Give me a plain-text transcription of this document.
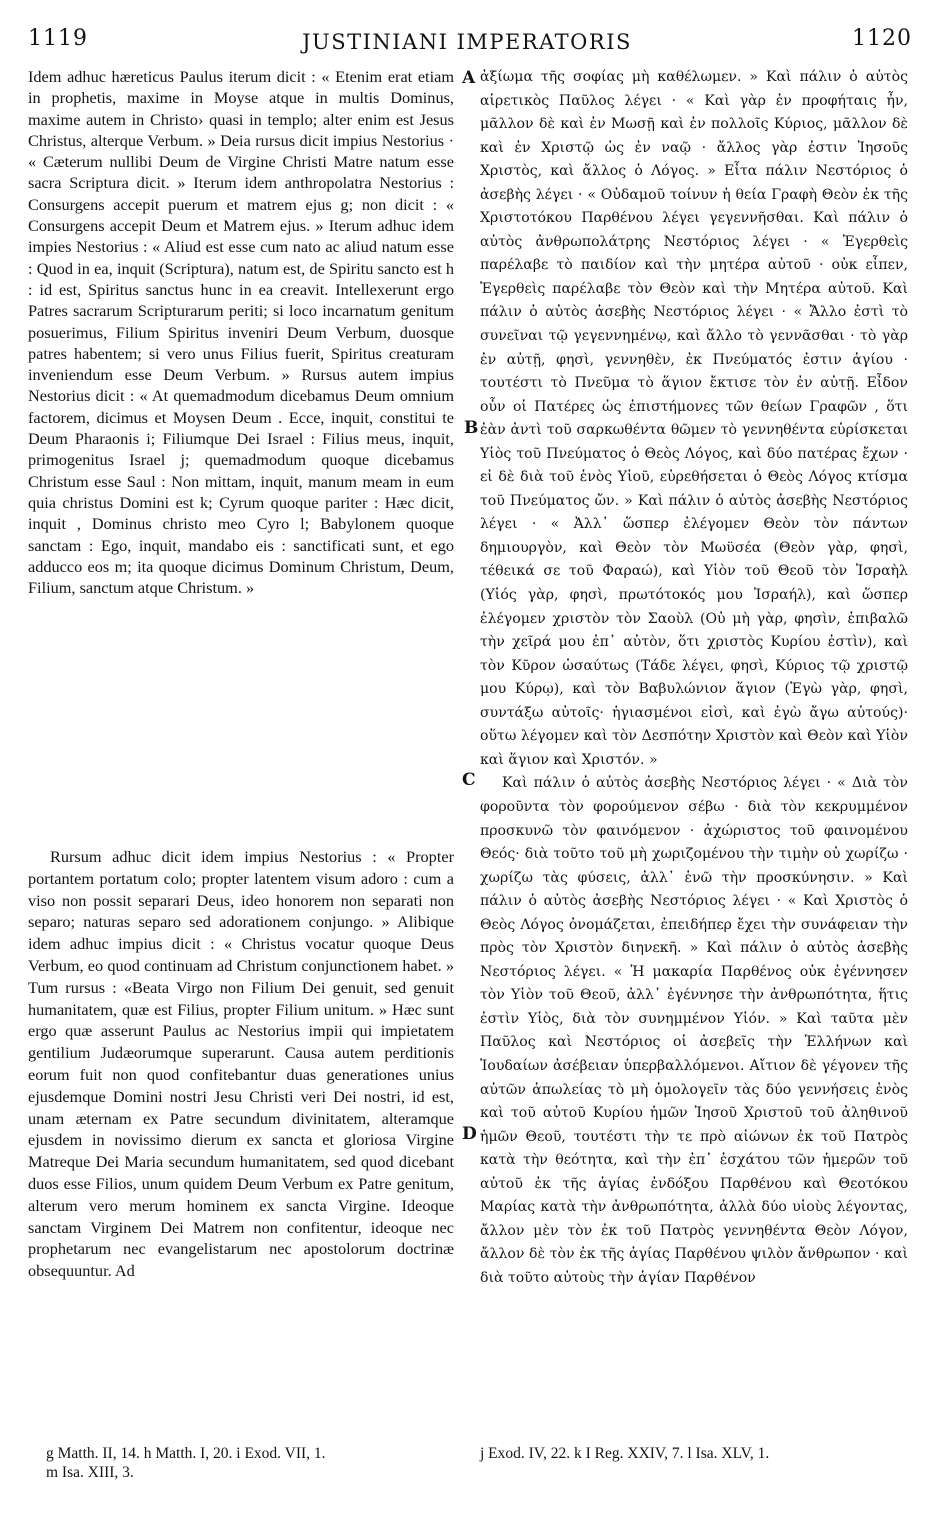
1119	JUSTINIANI IMPERATORIS	1120

Idem adhuc hæreticus Paulus iterum dicit : « Etenim erat etiam in prophetis, maxime in Moyse atque in multis Dominus, maxime autem in Christo› quasi in templo; alter enim est Jesus Christus, alterque Verbum. » Deia rursus dicit impius Nestorius · « Cæterum nullibi Deum de Virgine Christi Matre natum esse sacra Scriptura dicit. » Iterum idem anthropolatra Nestorius : Consurgens accepit puerum et matrem ejus g; non dicit : « Consurgens accepit Deum et Matrem ejus. » Iterum adhuc idem impies Nestorius : « Aliud est esse cum nato ac aliud natum esse : Quod in ea, inquit (Scriptura), natum est, de Spiritu sancto est h : id est, Spiritus sanctus hunc in ea creavit. Intellexerunt ergo Patres sacrarum Scripturarum periti; si loco incarnatum genitum posuerimus, Filium Spiritus inveniri Deum Verbum, duosque patres habentem; si vero unus Filius fuerit, Spiritus creaturam inveniendum esse Deum Verbum. » Rursus autem impius Nestorius dicit : « At quemadmodum dicebamus Deum omnium factorem, dicimus et Moysen Deum . Ecce, inquit, constitui te Deum Pharaonis i; Filiumque Dei Israel : Filius meus, inquit, primogenitus Israel j; quemadmodum quoque dicebamus Christum esse Saul : Non mittam, inquit, manum meam in eum quia christus Domini est k; Cyrum quoque pariter : Hæc dicit, inquit , Dominus christo meo Cyro l; Babylonem quoque sanctam : Ego, inquit, mandabo eis : sanctificati sunt, et ego adducco eos m; ita quoque dicimus Dominum Christum, Deum, Filium, sanctum atque Christum. »

Rursum adhuc dicit idem impius Nestorius : « Propter portantem portatum colo; propter latentem visum adoro : cum a viso non possit separari Deus, ideo honorem non separati non separo; naturas separo sed adorationem conjungo. » Alibique idem adhuc impius dicit : « Christus vocatur quoque Deus Verbum, eo quod continuam ad Christum conjunctionem habet. » Tum rursus : «Beata Virgo non Filium Dei genuit, sed genuit humanitatem, quæ est Filius, propter Filium unitum. » Hæc sunt ergo quæ asserunt Paulus ac Nestorius impii qui impietatem gentilium Judæorumque superarunt. Causa autem perditionis eorum fuit non quod confitebantur duas generationes unius ejusdemque Domini nostri Jesu Christi veri Dei nostri, id est, unam æternam ex Patre secundum divinitatem, alteramque ejusdem in novissimo dierum ex sancta et gloriosa Virgine Matreque Dei Maria secundum humanitatem, sed quod dicebant duos esse Filios, unum quidem Deum Verbum ex Patre genitum, alterum vero merum hominem ex sancta Virgine. Ideoque sanctam Virginem Dei Matrem non confitentur, ideoque nec prophetarum nec evangelistarum nec apostolorum doctrinæ obsequuntur. Ad

ἀξίωμα τῆς σοφίας μὴ καθέλωμεν. » Καὶ πάλιν ὁ αὐτὸς αἱρετικὸς Παῦλος λέγει · « Καὶ γὰρ ἐν προφήταις ἦν, μᾶλλον δὲ καὶ ἐν Μωσῇ καὶ ἐν πολλοῖς Κύριος, μᾶλλον δὲ καὶ ἐν Χριστῷ ὡς ἐν ναῷ · ἄλλος γὰρ ἐστιν Ἰησοῦς Χριστὸς, καὶ ἄλλος ὁ Λόγος. » Εἶτα πάλιν Νεστόριος ὁ ἀσεβὴς λέγει · « Οὐδαμοῦ τοίνυν ἡ θεία Γραφὴ Θεὸν ἐκ τῆς Χριστοτόκου Παρθένου λέγει γεγεννῆσθαι. Καὶ πάλιν ὁ αὐτὸς ἀνθρωπολάτρης Νεστόριος λέγει · « Ἐγερθεὶς παρέλαβε τὸ παιδίον καὶ τὴν μητέρα αὐτοῦ · οὐκ εἶπεν, Ἐγερθεὶς παρέλαβε τὸν Θεὸν καὶ τὴν Μητέρα αὐτοῦ. Καὶ πάλιν ὁ αὐτὸς ἀσεβὴς Νεστόριος λέγει · « Ἄλλο ἐστὶ τὸ συνεῖναι τῷ γεγεννημένῳ, καὶ ἄλλο τὸ γεννᾶσθαι · τὸ γὰρ ἐν αὐτῇ, φησὶ, γεννηθὲν, ἐκ Πνεύματός ἐστιν ἁγίου · τουτέστι τὸ Πνεῦμα τὸ ἅγιον ἔκτισε τὸν ἐν αὐτῇ. Εἶδον οὖν οἱ Πατέρες ὡς ἐπιστήμονες τῶν θείων Γραφῶν , ὅτι ἐὰν ἀντὶ τοῦ σαρκωθέντα θῶμεν τὸ γεννηθέντα εὑρίσκεται Υἱὸς τοῦ Πνεύματος ὁ Θεὸς Λόγος, καὶ δύο πατέρας ἔχων · εἰ δὲ διὰ τοῦ ἑνὸς Υἱοῦ, εὑρεθήσεται ὁ Θεὸς Λόγος κτίσμα τοῦ Πνεύματος ὤν. » Καὶ πάλιν ὁ αὐτὸς ἀσεβὴς Νεστόριος λέγει · « Ἀλλ᾿ ὥσπερ ἐλέγομεν Θεὸν τὸν πάντων δημιουργὸν, καὶ Θεὸν τὸν Μωϋσέα (Θεὸν γὰρ, φησὶ, τέθεικά σε τοῦ Φαραώ), καὶ Υἱὸν τοῦ Θεοῦ τὸν Ἰσραὴλ (Υἱός γὰρ, φησὶ, πρωτότοκός μου Ἰσραήλ), καὶ ὥσπερ ἐλέγομεν χριστὸν τὸν Σαοὺλ (Οὐ μὴ γὰρ, φησὶν, ἐπιβαλῶ τὴν χεῖρά μου ἐπ᾿ αὐτὸν, ὅτι χριστὸς Κυρίου ἐστὶν), καὶ τὸν Κῦρον ὡσαύτως (Τάδε λέγει, φησὶ, Κύριος τῷ χριστῷ μου Κύρῳ), καὶ τὸν Βαβυλώνιον ἅγιον (Ἐγὼ γὰρ, φησὶ, συντάξω αὐτοῖς· ἡγιασμένοι εἰσὶ, καὶ ἐγὼ ἄγω αὐτούς)· οὕτω λέγομεν καὶ τὸν Δεσπότην Χριστὸν καὶ Θεὸν καὶ Υἱὸν καὶ ἅγιον καὶ Χριστόν. »

Καὶ πάλιν ὁ αὐτὸς ἀσεβὴς Νεστόριος λέγει · « Διὰ τὸν φοροῦντα τὸν φορούμενον σέβω · διὰ τὸν κεκρυμμένον προσκυνῶ τὸν φαινόμενον · ἀχώριστος τοῦ φαινομένου Θεός· διὰ τοῦτο τοῦ μὴ χωριζομένου τὴν τιμὴν οὐ χωρίζω · χωρίζω τὰς φύσεις, ἀλλ᾿ ἑνῶ τὴν προσκύνησιν. » Καὶ πάλιν ὁ αὐτὸς ἀσεβὴς Νεστόριος λέγει · « Καὶ Χριστὸς ὁ Θεὸς Λόγος ὀνομάζεται, ἐπειδήπερ ἔχει τὴν συνάφειαν τὴν πρὸς τὸν Χριστὸν διηνεκῆ. » Καὶ πάλιν ὁ αὐτὸς ἀσεβὴς Νεστόριος λέγει. « Ἡ μακαρία Παρθένος οὐκ ἐγέννησεν τὸν Υἱὸν τοῦ Θεοῦ, ἀλλ᾿ ἐγέννησε τὴν ἀνθρωπότητα, ἥτις ἐστὶν Υἱὸς, διὰ τὸν συνημμένον Υἱόν. » Καὶ ταῦτα μὲν Παῦλος καὶ Νεστόριος οἱ ἀσεβεῖς τὴν Ἑλλήνων καὶ Ἰουδαίων ἀσέβειαν ὑπερβαλλόμενοι. Αἴτιον δὲ γέγονεν τῆς αὐτῶν ἀπωλείας τὸ μὴ ὁμολογεῖν τὰς δύο γεννήσεις ἑνὸς καὶ τοῦ αὐτοῦ Κυρίου ἡμῶν Ἰησοῦ Χριστοῦ τοῦ ἀληθινοῦ ἡμῶν Θεοῦ, τουτέστι τὴν τε πρὸ αἰώνων ἐκ τοῦ Πατρὸς κατὰ τὴν θεότητα, καὶ τὴν ἐπ᾿ ἐσχάτου τῶν ἡμερῶν τοῦ αὐτοῦ ἐκ τῆς ἁγίας ἐνδόξου Παρθένου καὶ Θεοτόκου Μαρίας κατὰ τὴν ἀνθρωπότητα, ἀλλὰ δύο υἱοὺς λέγοντας, ἄλλον μὲν τὸν ἐκ τοῦ Πατρὸς γεννηθέντα Θεὸν Λόγον, ἄλλον δὲ τὸν ἐκ τῆς ἁγίας Παρθένου ψιλὸν ἄνθρωπον · καὶ διὰ τοῦτο αὐτοὺς τὴν ἁγίαν Παρθένον

A
B
C
D
g Matth. II, 14. h Matth. I, 20. i Exod. VII, 1.
m Isa. XIII, 3.
j Exod. IV, 22. k I Reg. XXIV, 7. l Isa. XLV, 1.
